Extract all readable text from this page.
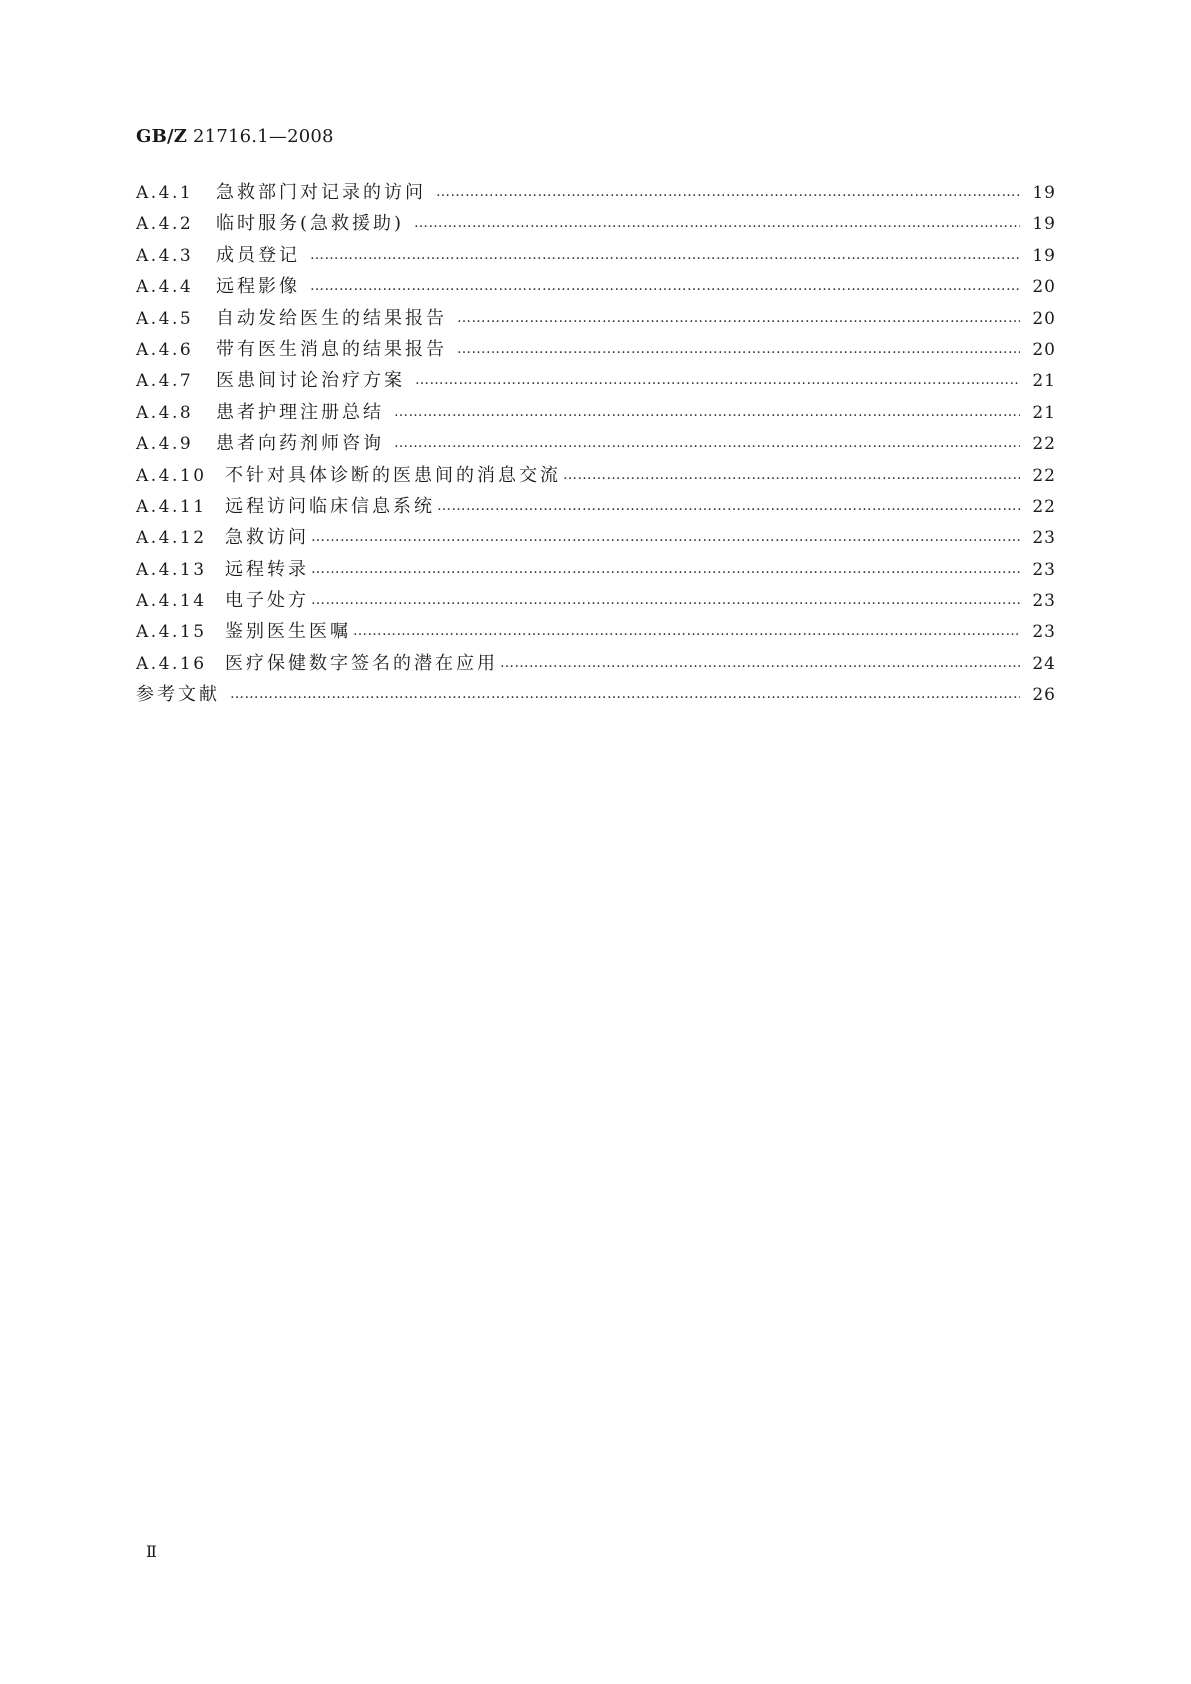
GB/Z 21716.1—2008
A.4.1	急救部门对记录的访问 ……………………………………………………………………………………………………………………………………………………………………………………………………………………………………	19
A.4.2	临时服务(急救援助) ……………………………………………………………………………………………………………………………………………………………………………………………………………………………………	19
A.4.3	成员登记 ……………………………………………………………………………………………………………………………………………………………………………………………………………………………………	19
A.4.4	远程影像 ……………………………………………………………………………………………………………………………………………………………………………………………………………………………………	20
A.4.5	自动发给医生的结果报告 ……………………………………………………………………………………………………………………………………………………………………………………………………………………………………	20
A.4.6	带有医生消息的结果报告 ……………………………………………………………………………………………………………………………………………………………………………………………………………………………………	20
A.4.7	医患间讨论治疗方案 ……………………………………………………………………………………………………………………………………………………………………………………………………………………………………	21
A.4.8	患者护理注册总结 ……………………………………………………………………………………………………………………………………………………………………………………………………………………………………	21
A.4.9	患者向药剂师咨询 ……………………………………………………………………………………………………………………………………………………………………………………………………………………………………	22
A.4.10	不针对具体诊断的医患间的消息交流 ……………………………………………………………………………………………………………………………………………………………………………………………………………………………………	22
A.4.11	远程访问临床信息系统 ……………………………………………………………………………………………………………………………………………………………………………………………………………………………………	22
A.4.12	急救访问 ……………………………………………………………………………………………………………………………………………………………………………………………………………………………………	23
A.4.13	远程转录 ……………………………………………………………………………………………………………………………………………………………………………………………………………………………………	23
A.4.14	电子处方 ……………………………………………………………………………………………………………………………………………………………………………………………………………………………………	23
A.4.15	鉴别医生医嘱 ……………………………………………………………………………………………………………………………………………………………………………………………………………………………………	23
A.4.16	医疗保健数字签名的潜在应用 ……………………………………………………………………………………………………………………………………………………………………………………………………………………………………	24
参考文献 ……………………………………………………………………………………………………………………………………………………………………………………………………………………………………	26
Ⅱ
